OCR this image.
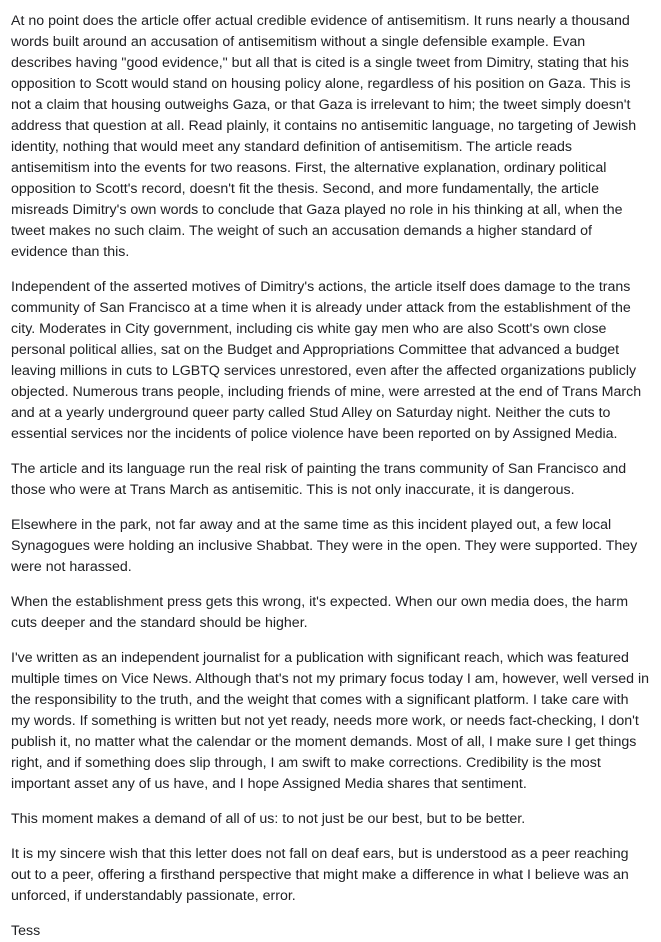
At no point does the article offer actual credible evidence of antisemitism. It runs nearly a thousand words built around an accusation of antisemitism without a single defensible example. Evan describes having "good evidence," but all that is cited is a single tweet from Dimitry, stating that his opposition to Scott would stand on housing policy alone, regardless of his position on Gaza. This is not a claim that housing outweighs Gaza, or that Gaza is irrelevant to him; the tweet simply doesn't address that question at all. Read plainly, it contains no antisemitic language, no targeting of Jewish identity, nothing that would meet any standard definition of antisemitism. The article reads antisemitism into the events for two reasons. First, the alternative explanation, ordinary political opposition to Scott's record, doesn't fit the thesis. Second, and more fundamentally, the article misreads Dimitry's own words to conclude that Gaza played no role in his thinking at all, when the tweet makes no such claim. The weight of such an accusation demands a higher standard of evidence than this.

Independent of the asserted motives of Dimitry's actions, the article itself does damage to the trans community of San Francisco at a time when it is already under attack from the establishment of the city. Moderates in City government, including cis white gay men who are also Scott's own close personal political allies, sat on the Budget and Appropriations Committee that advanced a budget leaving millions in cuts to LGBTQ services unrestored, even after the affected organizations publicly objected. Numerous trans people, including friends of mine, were arrested at the end of Trans March and at a yearly underground queer party called Stud Alley on Saturday night. Neither the cuts to essential services nor the incidents of police violence have been reported on by Assigned Media.

The article and its language run the real risk of painting the trans community of San Francisco and those who were at Trans March as antisemitic. This is not only inaccurate, it is dangerous.

Elsewhere in the park, not far away and at the same time as this incident played out, a few local Synagogues were holding an inclusive Shabbat. They were in the open. They were supported. They were not harassed.

When the establishment press gets this wrong, it's expected. When our own media does, the harm cuts deeper and the standard should be higher.

I've written as an independent journalist for a publication with significant reach, which was featured multiple times on Vice News. Although that's not my primary focus today I am, however, well versed in the responsibility to the truth, and the weight that comes with a significant platform. I take care with my words. If something is written but not yet ready, needs more work, or needs fact-checking, I don't publish it, no matter what the calendar or the moment demands. Most of all, I make sure I get things right, and if something does slip through, I am swift to make corrections. Credibility is the most important asset any of us have, and I hope Assigned Media shares that sentiment.

This moment makes a demand of all of us: to not just be our best, but to be better.

It is my sincere wish that this letter does not fall on deaf ears, but is understood as a peer reaching out to a peer, offering a firsthand perspective that might make a difference in what I believe was an unforced, if understandably passionate, error.

Tess
